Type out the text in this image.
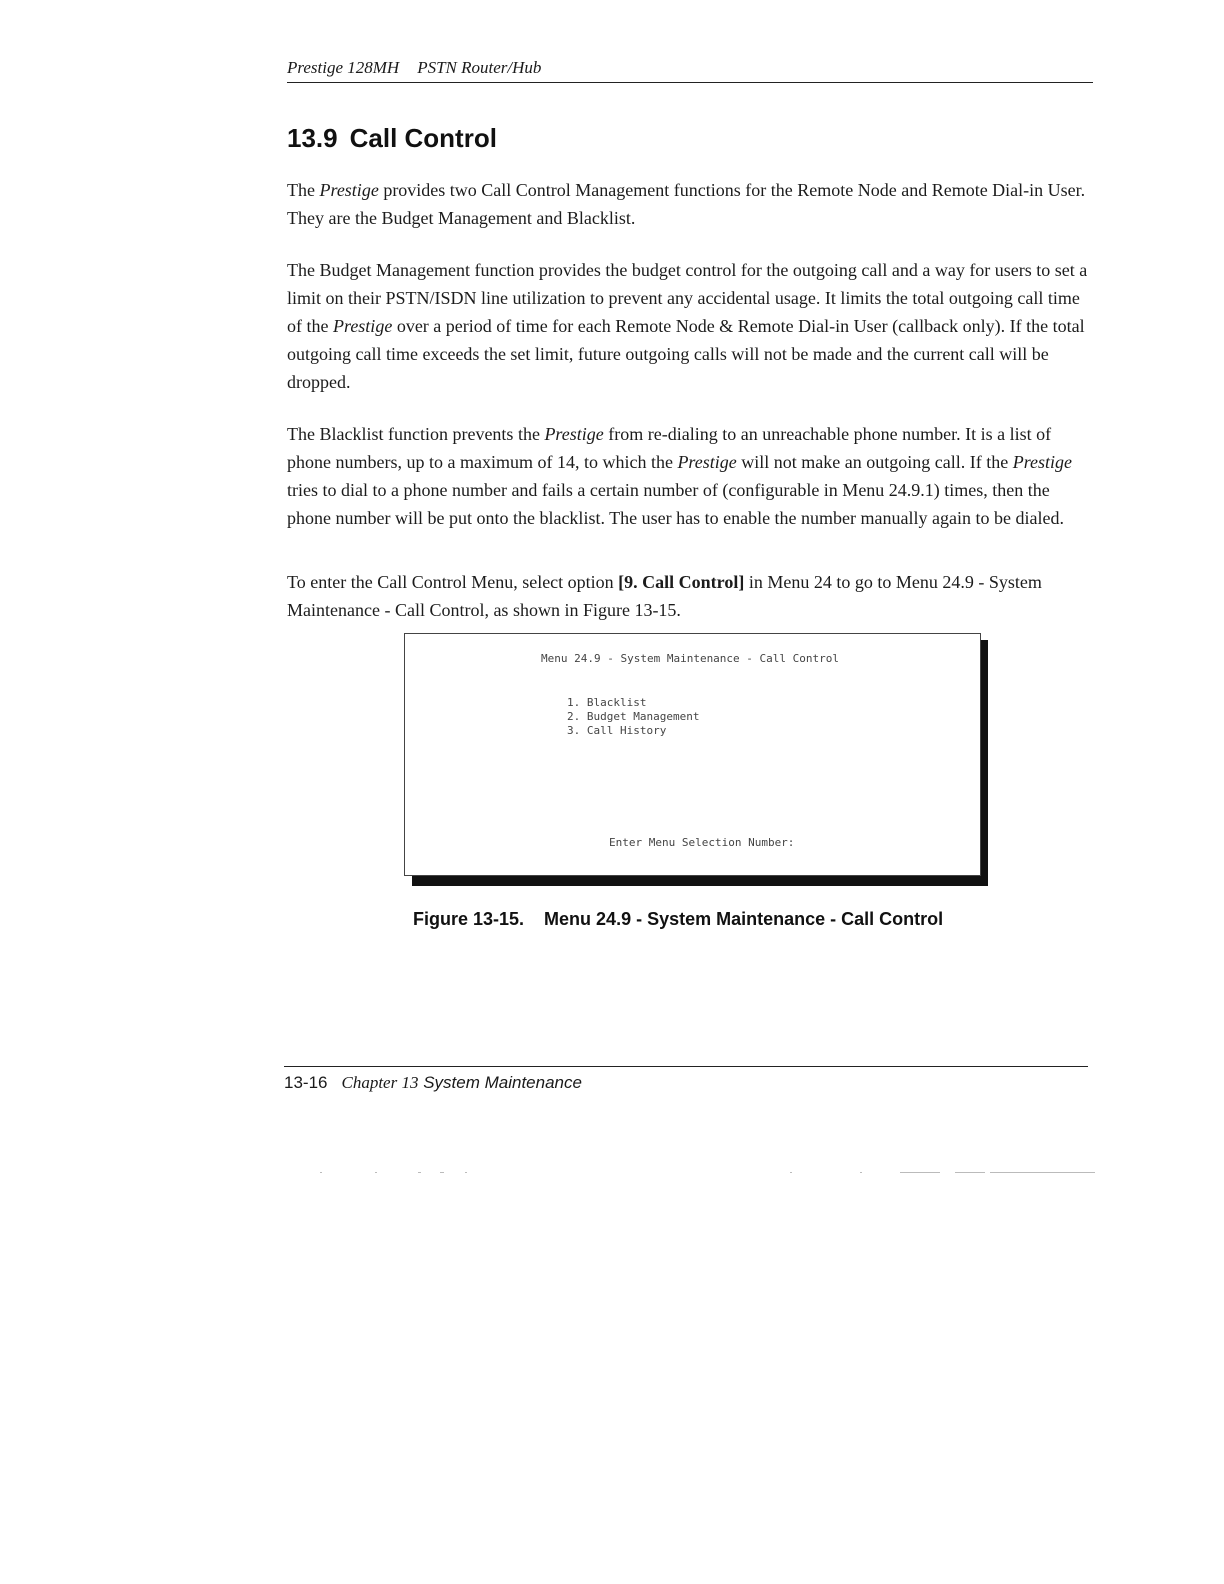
Prestige 128MH PSTN Router/Hub
13.9 Call Control

The Prestige provides two Call Control Management functions for the Remote Node and Remote Dial-in User. They are the Budget Management and Blacklist.

The Budget Management function provides the budget control for the outgoing call and a way for users to set a limit on their PSTN/ISDN line utilization to prevent any accidental usage. It limits the total outgoing call time of the Prestige over a period of time for each Remote Node & Remote Dial-in User (callback only). If the total outgoing call time exceeds the set limit, future outgoing calls will not be made and the current call will be dropped.

The Blacklist function prevents the Prestige from re-dialing to an unreachable phone number. It is a list of phone numbers, up to a maximum of 14, to which the Prestige will not make an outgoing call. If the Prestige tries to dial to a phone number and fails a certain number of (configurable in Menu 24.9.1) times, then the phone number will be put onto the blacklist. The user has to enable the number manually again to be dialed.

To enter the Call Control Menu, select option [9. Call Control] in Menu 24 to go to Menu 24.9 - System Maintenance - Call Control, as shown in Figure 13-15.

Menu 24.9 - System Maintenance - Call Control
1. Blacklist
2. Budget Management
3. Call History
Enter Menu Selection Number:

Figure 13-15. Menu 24.9 - System Maintenance - Call Control

13-16 Chapter 13 System Maintenance
